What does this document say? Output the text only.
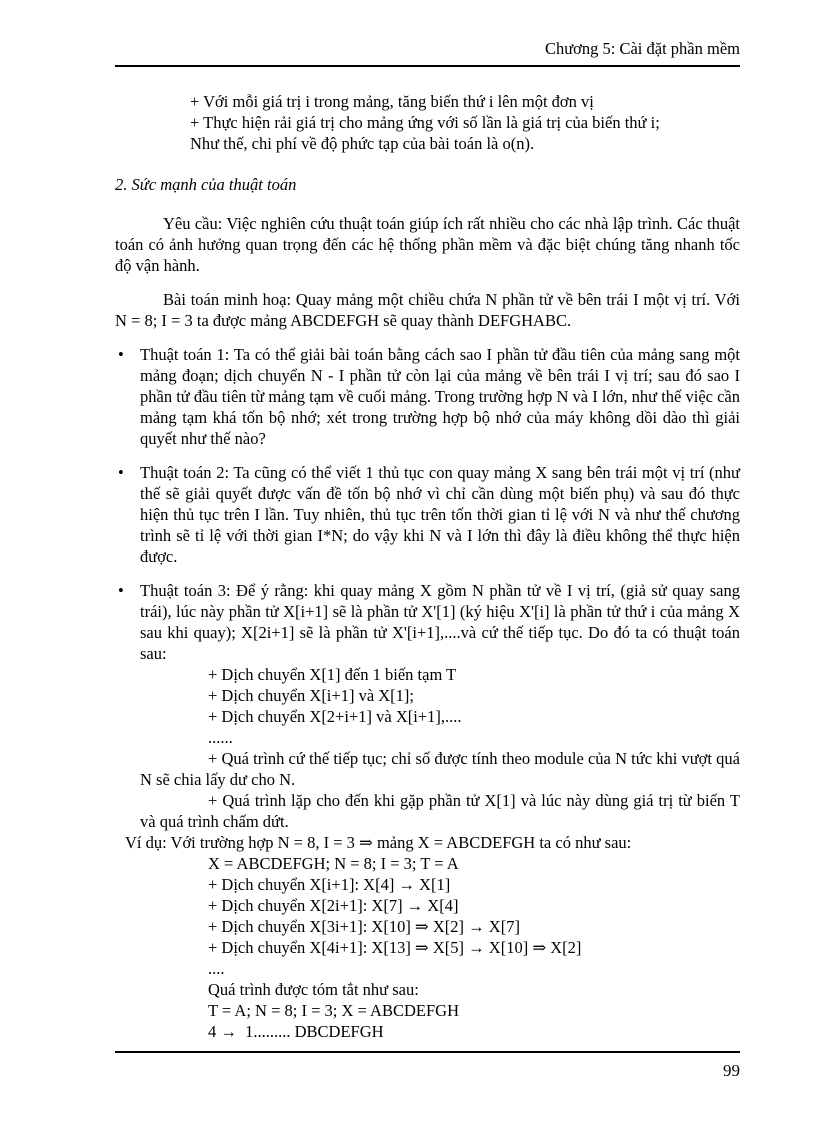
Chương 5: Cài đặt phần mềm
+ Với mỗi giá trị i trong mảng, tăng biến thứ i lên một đơn vị
+ Thực hiện rải giá trị cho mảng ứng với số lần là giá trị của biến thứ i;
Như thế, chi phí về độ phức tạp của bài toán là o(n).
2. Sức mạnh của thuật toán

Yêu cầu: Việc nghiên cứu thuật toán giúp ích rất nhiều cho các nhà lập trình. Các thuật toán có ảnh hưởng quan trọng đến các hệ thống phần mềm và đặc biệt chúng tăng nhanh tốc độ vận hành.

Bài toán minh hoạ: Quay mảng một chiều chứa N phần tử về bên trái I một vị trí. Với N = 8; I = 3 ta được mảng ABCDEFGH sẽ quay thành DEFGHABC.

• Thuật toán 1: Ta có thể giải bài toán bằng cách sao I phần tử đầu tiên của mảng sang một mảng đoạn; dịch chuyển N - I phần tử còn lại của mảng về bên trái I vị trí; sau đó sao I phần tử đầu tiên từ mảng tạm về cuối mảng. Trong trường hợp N và I lớn, như thế việc cần mảng tạm khá tốn bộ nhớ; xét trong trường hợp bộ nhớ của máy không dồi dào thì giải quyết như thế nào?
• Thuật toán 2: Ta cũng có thể viết 1 thủ tục con quay mảng X sang bên trái một vị trí (như thế sẽ giải quyết được vấn đề tốn bộ nhớ vì chỉ cần dùng một biến phụ) và sau đó thực hiện thủ tục trên I lần. Tuy nhiên, thủ tục trên tốn thời gian tỉ lệ với N và như thế chương trình sẽ tỉ lệ với thời gian I*N; do vậy khi N và I lớn thì đây là điều không thể thực hiện được.
• Thuật toán 3: Để ý rằng: khi quay mảng X gồm N phần tử về I vị trí, (giả sử quay sang trái), lúc này phần tử X[i+1] sẽ là phần tử X'[1] (ký hiệu X'[i] là phần tử thứ i của mảng X sau khi quay); X[2i+1] sẽ là phần tử X'[i+1],....và cứ thế tiếp tục. Do đó ta có thuật toán sau:

+ Dịch chuyển X[1] đến 1 biến tạm T

+ Dịch chuyển X[i+1] và X[1];

+ Dịch chuyển X[2+i+1] và X[i+1],....

......

+ Quá trình cứ thế tiếp tục; chỉ số được tính theo module của N tức khi vượt quá N sẽ chia lấy dư cho N.

+ Quá trình lặp cho đến khi gặp phần tử X[1] và lúc này dùng giá trị từ biến T và quá trình chấm dứt.

Ví dụ: Với trường hợp N = 8, I = 3 ⇒ mảng X = ABCDEFGH ta có như sau:
X = ABCDEFGH; N = 8; I = 3; T = A
+ Dịch chuyển X[i+1]: X[4] → X[1]
+ Dịch chuyển X[2i+1]: X[7] → X[4]
+ Dịch chuyển X[3i+1]: X[10] ⇒ X[2] → X[7]
+ Dịch chuyển X[4i+1]: X[13] ⇒ X[5] → X[10] ⇒ X[2]
....
Quá trình được tóm tắt như sau:
T = A; N = 8; I = 3; X = ABCDEFGH
4 →  1......... DBCDEFGH
99
